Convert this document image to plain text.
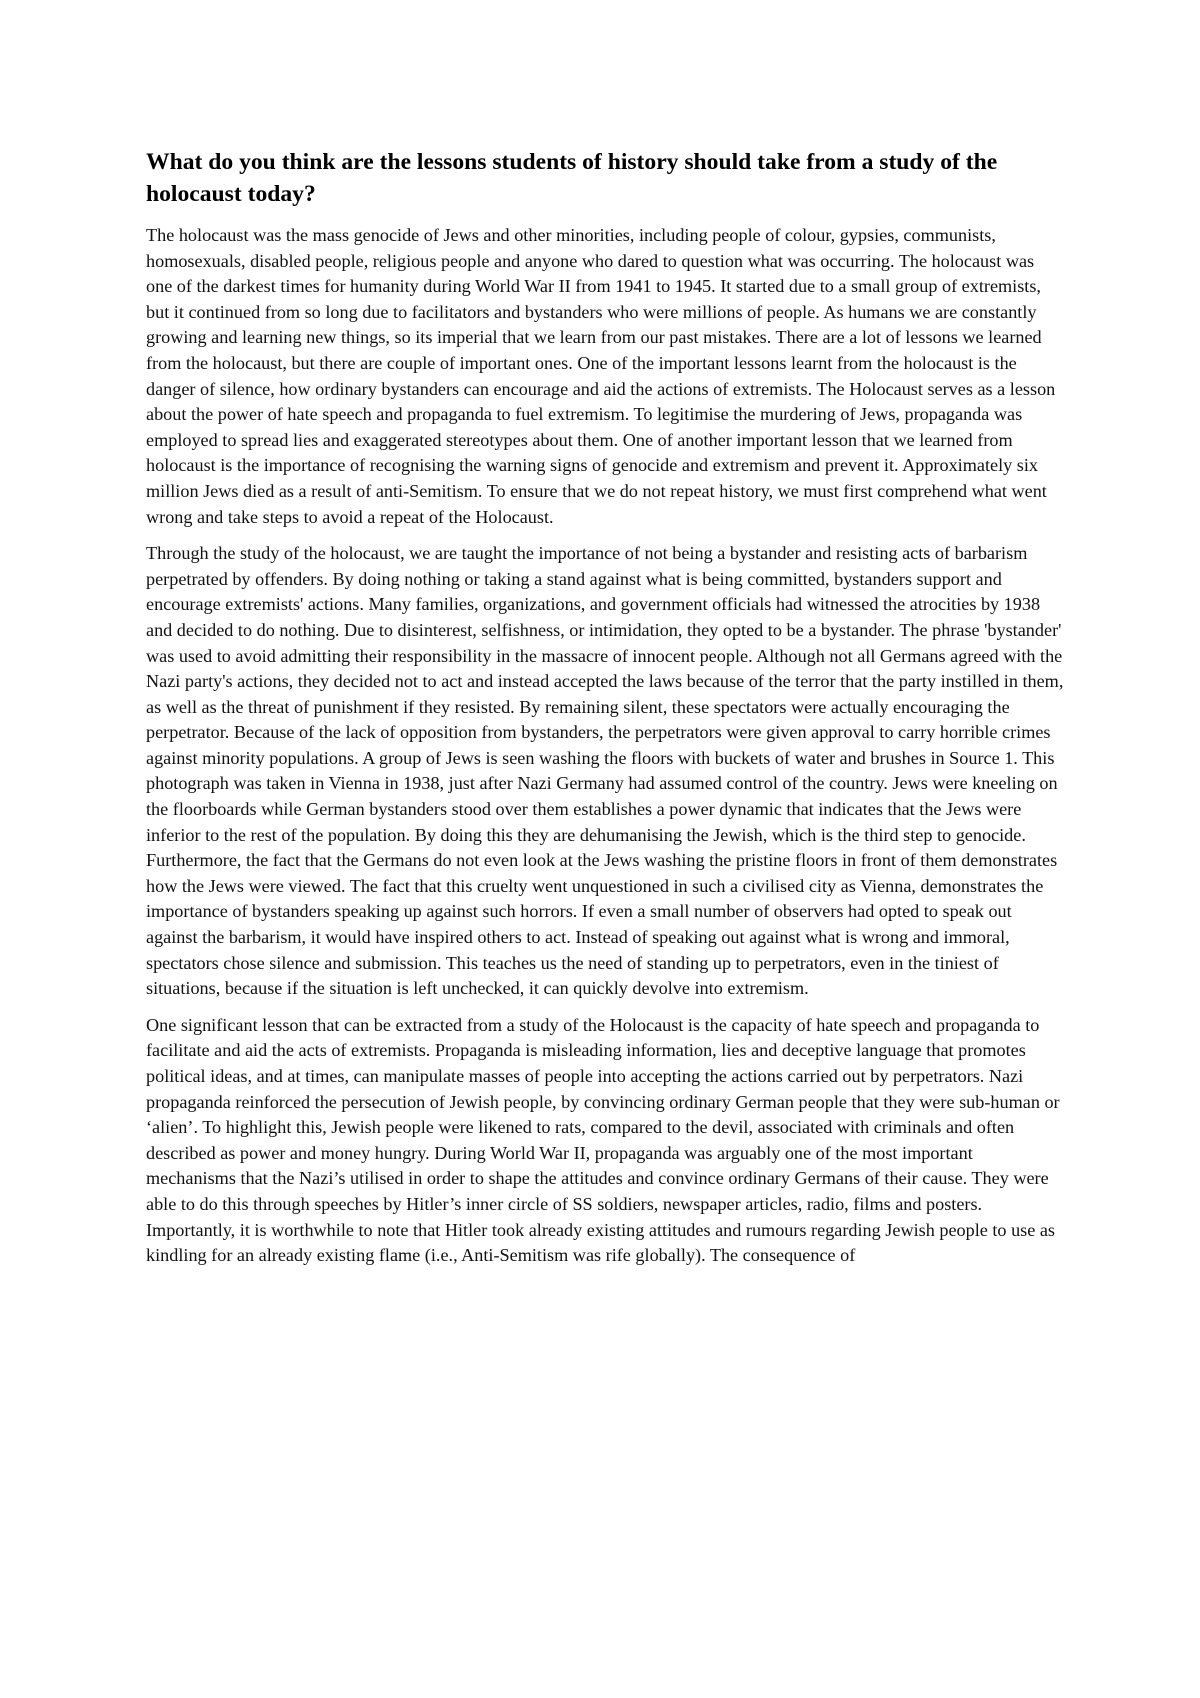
What do you think are the lessons students of history should take from a study of the holocaust today?

The holocaust was the mass genocide of Jews and other minorities, including people of colour, gypsies, communists, homosexuals, disabled people, religious people and anyone who dared to question what was occurring. The holocaust was one of the darkest times for humanity during World War II from 1941 to 1945. It started due to a small group of extremists, but it continued from so long due to facilitators and bystanders who were millions of people. As humans we are constantly growing and learning new things, so its imperial that we learn from our past mistakes. There are a lot of lessons we learned from the holocaust, but there are couple of important ones. One of the important lessons learnt from the holocaust is the danger of silence, how ordinary bystanders can encourage and aid the actions of extremists. The Holocaust serves as a lesson about the power of hate speech and propaganda to fuel extremism. To legitimise the murdering of Jews, propaganda was employed to spread lies and exaggerated stereotypes about them. One of another important lesson that we learned from holocaust is the importance of recognising the warning signs of genocide and extremism and prevent it. Approximately six million Jews died as a result of anti-Semitism. To ensure that we do not repeat history, we must first comprehend what went wrong and take steps to avoid a repeat of the Holocaust.

Through the study of the holocaust, we are taught the importance of not being a bystander and resisting acts of barbarism perpetrated by offenders. By doing nothing or taking a stand against what is being committed, bystanders support and encourage extremists' actions. Many families, organizations, and government officials had witnessed the atrocities by 1938 and decided to do nothing. Due to disinterest, selfishness, or intimidation, they opted to be a bystander. The phrase 'bystander' was used to avoid admitting their responsibility in the massacre of innocent people. Although not all Germans agreed with the Nazi party's actions, they decided not to act and instead accepted the laws because of the terror that the party instilled in them, as well as the threat of punishment if they resisted. By remaining silent, these spectators were actually encouraging the perpetrator. Because of the lack of opposition from bystanders, the perpetrators were given approval to carry horrible crimes against minority populations. A group of Jews is seen washing the floors with buckets of water and brushes in Source 1. This photograph was taken in Vienna in 1938, just after Nazi Germany had assumed control of the country. Jews were kneeling on the floorboards while German bystanders stood over them establishes a power dynamic that indicates that the Jews were inferior to the rest of the population. By doing this they are dehumanising the Jewish, which is the third step to genocide. Furthermore, the fact that the Germans do not even look at the Jews washing the pristine floors in front of them demonstrates how the Jews were viewed. The fact that this cruelty went unquestioned in such a civilised city as Vienna, demonstrates the importance of bystanders speaking up against such horrors. If even a small number of observers had opted to speak out against the barbarism, it would have inspired others to act. Instead of speaking out against what is wrong and immoral, spectators chose silence and submission. This teaches us the need of standing up to perpetrators, even in the tiniest of situations, because if the situation is left unchecked, it can quickly devolve into extremism.

One significant lesson that can be extracted from a study of the Holocaust is the capacity of hate speech and propaganda to facilitate and aid the acts of extremists. Propaganda is misleading information, lies and deceptive language that promotes political ideas, and at times, can manipulate masses of people into accepting the actions carried out by perpetrators. Nazi propaganda reinforced the persecution of Jewish people, by convincing ordinary German people that they were sub-human or ‘alien’. To highlight this, Jewish people were likened to rats, compared to the devil, associated with criminals and often described as power and money hungry. During World War II, propaganda was arguably one of the most important mechanisms that the Nazi’s utilised in order to shape the attitudes and convince ordinary Germans of their cause. They were able to do this through speeches by Hitler’s inner circle of SS soldiers, newspaper articles, radio, films and posters. Importantly, it is worthwhile to note that Hitler took already existing attitudes and rumours regarding Jewish people to use as kindling for an already existing flame (i.e., Anti-Semitism was rife globally). The consequence of
